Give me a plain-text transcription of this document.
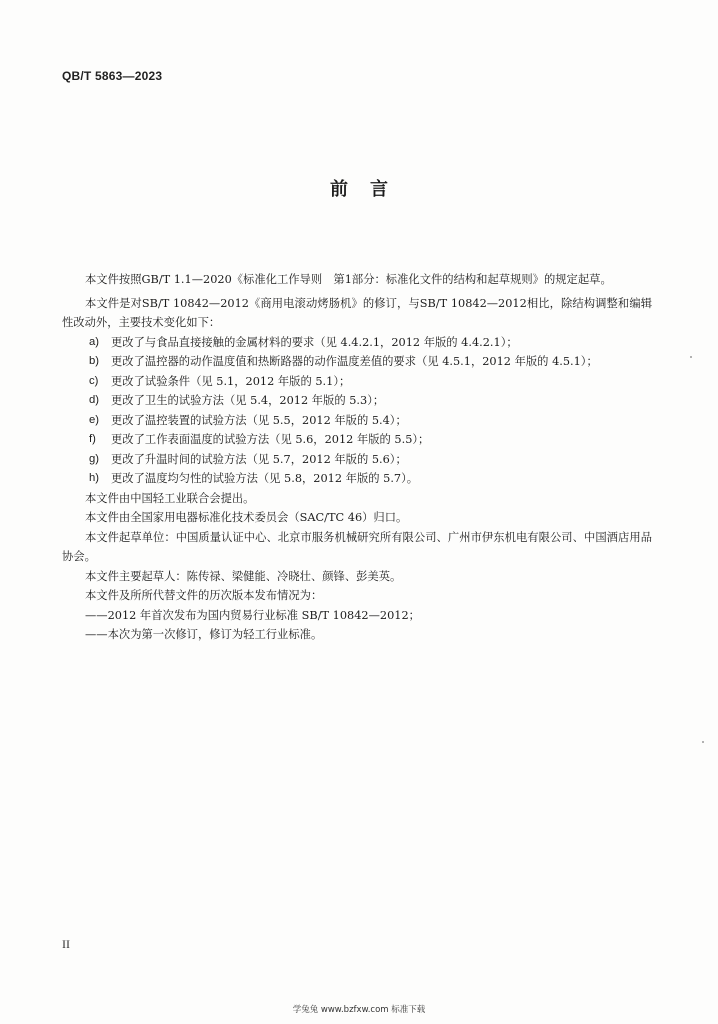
QB/T 5863—2023
前言

本文件按照GB/T 1.1—2020《标准化工作导则　第1部分：标准化文件的结构和起草规则》的规定起草。

本文件是对SB/T 10842—2012《商用电滚动烤肠机》的修订，与SB/T 10842—2012相比，除结构调整和编辑性改动外，主要技术变化如下：

a)	更改了与食品直接接触的金属材料的要求（见 4.4.2.1，2012 年版的 4.4.2.1）；
b)	更改了温控器的动作温度值和热断路器的动作温度差值的要求（见 4.5.1，2012 年版的 4.5.1）；
c)	更改了试验条件（见 5.1，2012 年版的 5.1）；
d)	更改了卫生的试验方法（见 5.4，2012 年版的 5.3）；
e)	更改了温控装置的试验方法（见 5.5，2012 年版的 5.4）；
f)	更改了工作表面温度的试验方法（见 5.6，2012 年版的 5.5）；
g)	更改了升温时间的试验方法（见 5.7，2012 年版的 5.6）；
h)	更改了温度均匀性的试验方法（见 5.8，2012 年版的 5.7）。

本文件由中国轻工业联合会提出。

本文件由全国家用电器标准化技术委员会（SAC/TC 46）归口。

本文件起草单位：中国质量认证中心、北京市服务机械研究所有限公司、广州市伊东机电有限公司、中国酒店用品协会。

本文件主要起草人：陈传禄、梁健能、冷晓壮、颜锋、彭美英。

本文件及所所代替文件的历次版本发布情况为：

——2012 年首次发布为国内贸易行业标准 SB/T 10842—2012；

——本次为第一次修订，修订为轻工行业标准。

II
学兔兔 www.bzfxw.com 标准下载
